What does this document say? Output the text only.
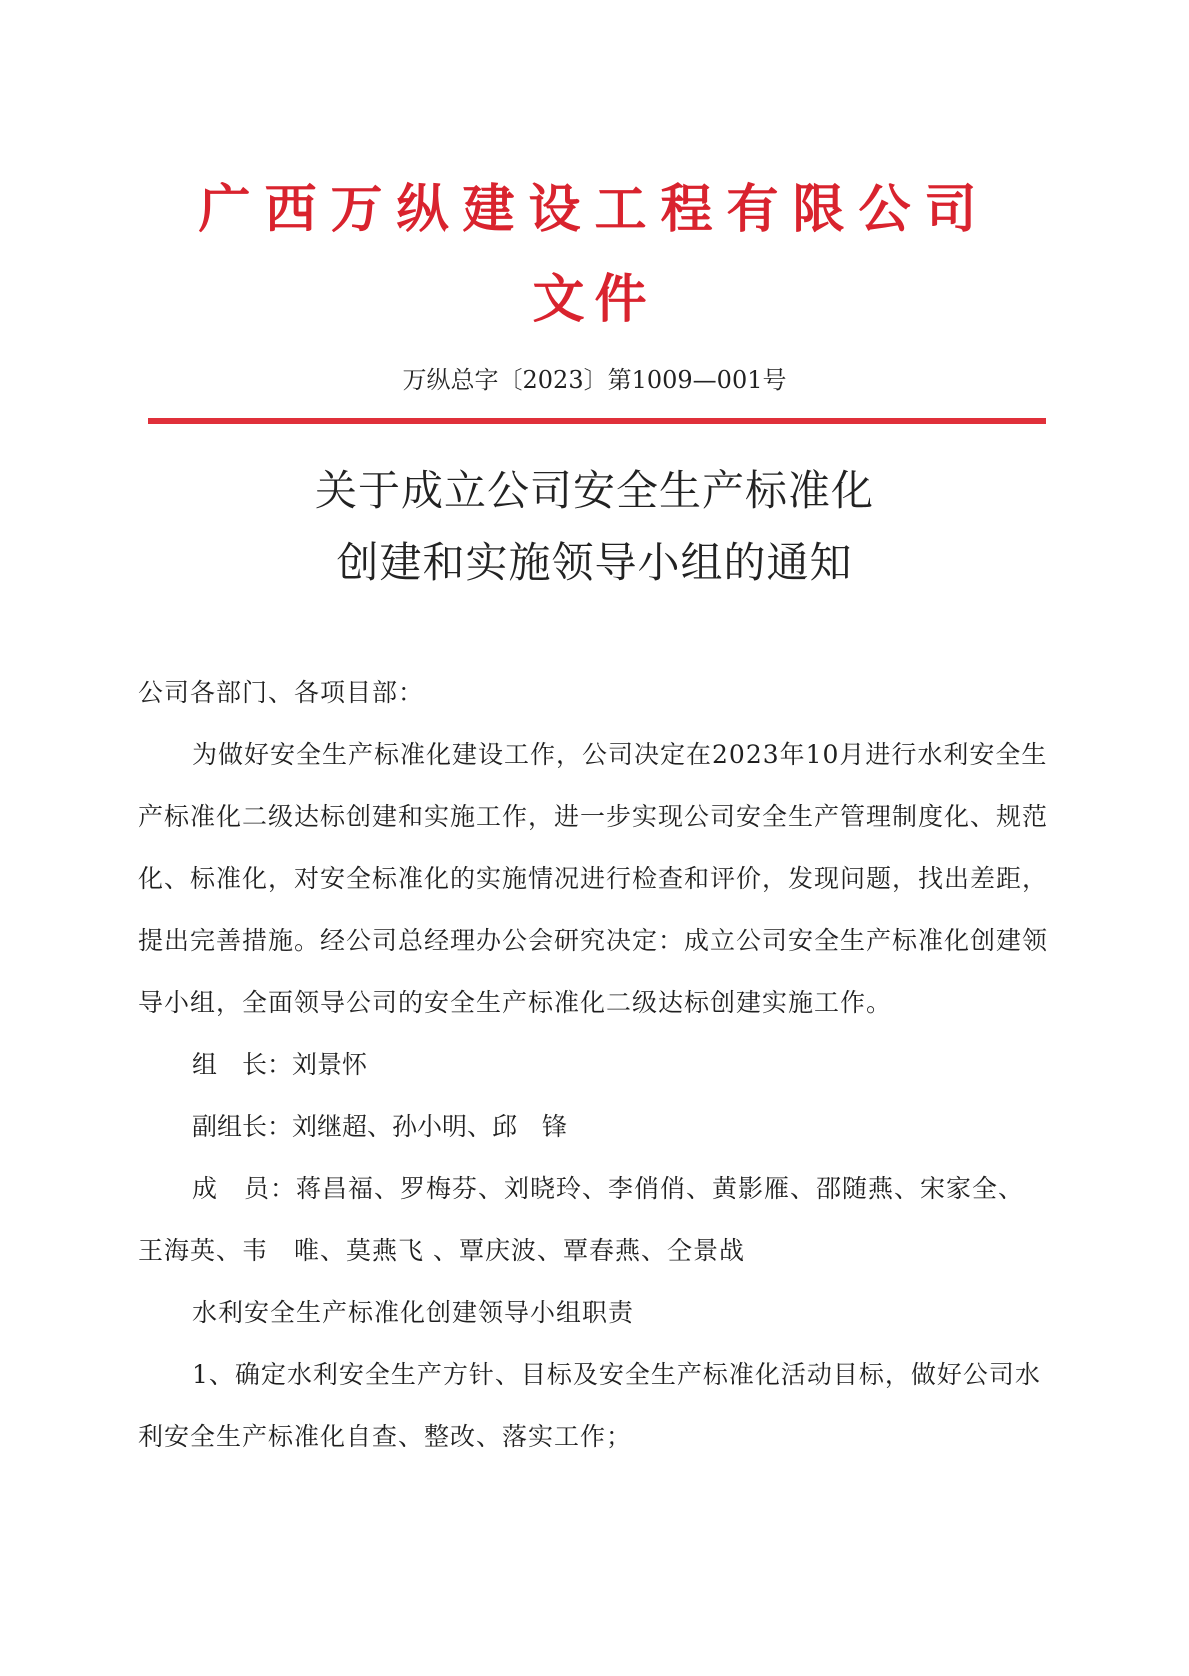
广西万纵建设工程有限公司
文件
万纵总字〔2023〕第1009—001号
关于成立公司安全生产标准化
创建和实施领导小组的通知
公司各部门、各项目部：
为做好安全生产标准化建设工作，公司决定在2023年10月进行水利安全生产标准化二级达标创建和实施工作，进一步实现公司安全生产管理制度化、规范化、标准化，对安全标准化的实施情况进行检查和评价，发现问题，找出差距，提出完善措施。经公司总经理办公会研究决定：成立公司安全生产标准化创建领导小组，全面领导公司的安全生产标准化二级达标创建实施工作。
组　长：刘景怀
副组长：刘继超、孙小明、邱　锋
成　员：蒋昌福、罗梅芬、刘晓玲、李俏俏、黄影雁、邵随燕、宋家全、王海英、韦　唯、莫燕飞 、覃庆波、覃春燕、仝景战
水利安全生产标准化创建领导小组职责
1、确定水利安全生产方针、目标及安全生产标准化活动目标，做好公司水利安全生产标准化自查、整改、落实工作；
